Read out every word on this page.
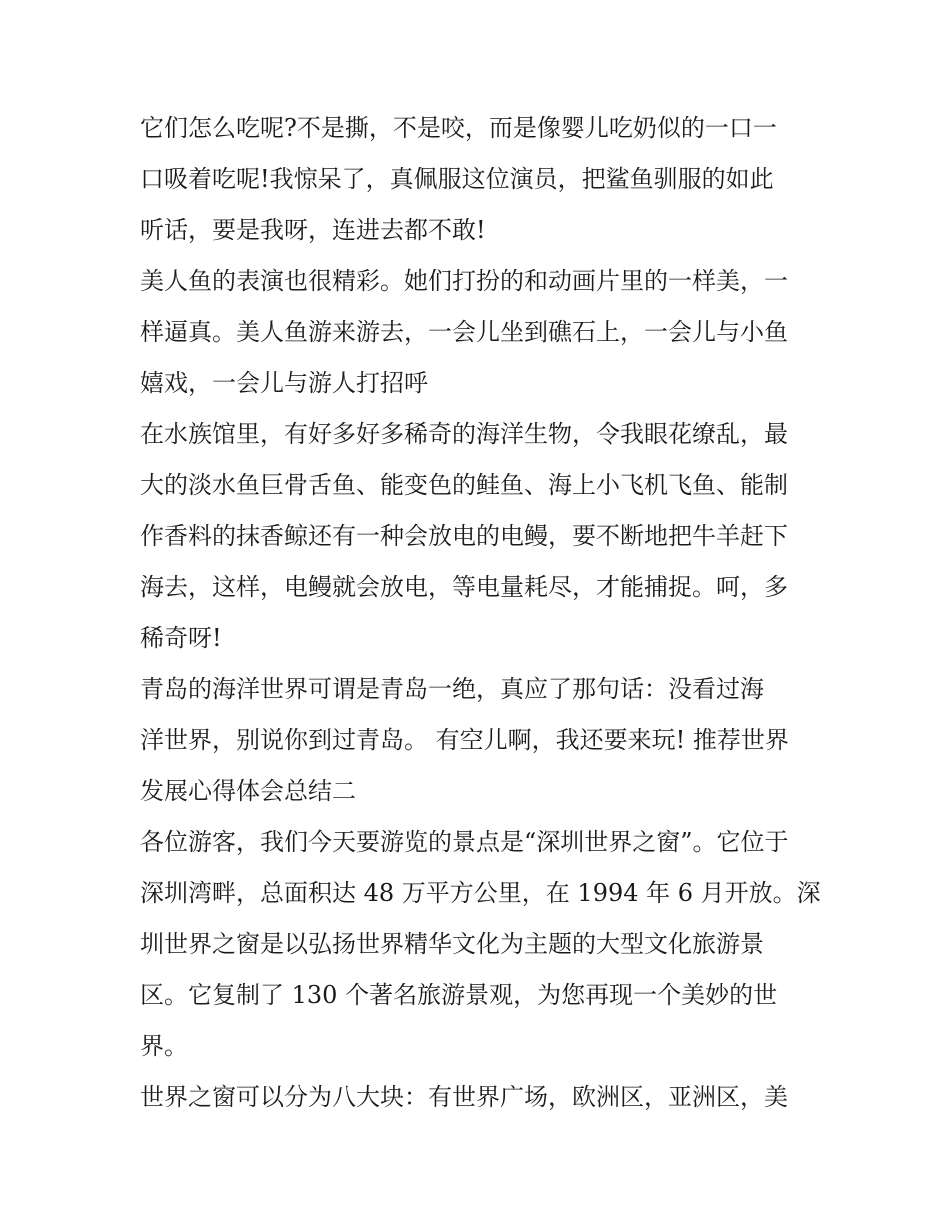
它们怎么吃呢?不是撕，不是咬，而是像婴儿吃奶似的一口一
口吸着吃呢!我惊呆了，真佩服这位演员，把鲨鱼驯服的如此
听话，要是我呀，连进去都不敢!
美人鱼的表演也很精彩。她们打扮的和动画片里的一样美，一
样逼真。美人鱼游来游去，一会儿坐到礁石上，一会儿与小鱼
嬉戏，一会儿与游人打招呼
在水族馆里，有好多好多稀奇的海洋生物，令我眼花缭乱，最
大的淡水鱼巨骨舌鱼、能变色的鲑鱼、海上小飞机飞鱼、能制
作香料的抹香鲸还有一种会放电的电鳗，要不断地把牛羊赶下
海去，这样，电鳗就会放电，等电量耗尽，才能捕捉。呵，多
稀奇呀!
青岛的海洋世界可谓是青岛一绝，真应了那句话：没看过海
洋世界，别说你到过青岛。 有空儿啊，我还要来玩! 推荐世界
发展心得体会总结二
各位游客，我们今天要游览的景点是“深圳世界之窗”。它位于
深圳湾畔，总面积达 48 万平方公里，在 1994 年 6 月开放。深
圳世界之窗是以弘扬世界精华文化为主题的大型文化旅游景
区。它复制了 130 个著名旅游景观，为您再现一个美妙的世
界。
世界之窗可以分为八大块：有世界广场，欧洲区，亚洲区，美
